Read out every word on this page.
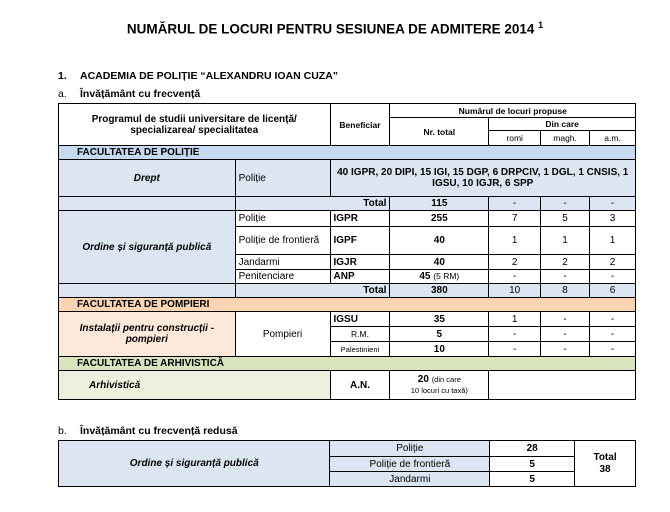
NUMĂRUL DE LOCURI PENTRU SESIUNEA DE ADMITERE 2014 $^1$
1. ACADEMIA DE POLIȚIE “ALEXANDRU IOAN CUZA”
a. Învățământ cu frecvență
Programul de studii universitare de licență/ specializarea/ specialitatea		Beneficiar	Numărul de locuri propuse			
			Nr. total	Din care		
				romi	magh.	a.m.
FACULTATEA DE POLIȚIE						
Drept	Poliție	40 IGPR, 20 DIPI, 15 IGI, 15 DGP, 6 DRPCIV, 1 DGL, 1 CNSIS, 1 IGSU, 10 IGJR, 6 SPP				
	Total		115	-	-	-
Ordine și siguranță publică	Poliție	IGPR	255	7	5	3
	Poliție de frontieră	IGPF	40	1	1	1
	Jandarmi	IGJR	40	2	2	2
	Penitenciare	ANP	45 (5 RM)	-	-	-
	Total		380	10	8	6
FACULTATEA DE POMPIERI						
Instalații pentru construcții - pompieri	Pompieri	IGSU	35	1	-	-
		R.M.	5	-	-	-
		Palestinieni	10	-	-	-
FACULTATEA DE ARHIVISTICĂ						
Arhivistică		A.N.	20 (din care
10 locuri cu taxă)			
b. Învățământ cu frecvență redusă
Ordine și siguranță publică	Poliție	28	Total
38
	Poliție de frontieră	5	
	Jandarmi	5	
